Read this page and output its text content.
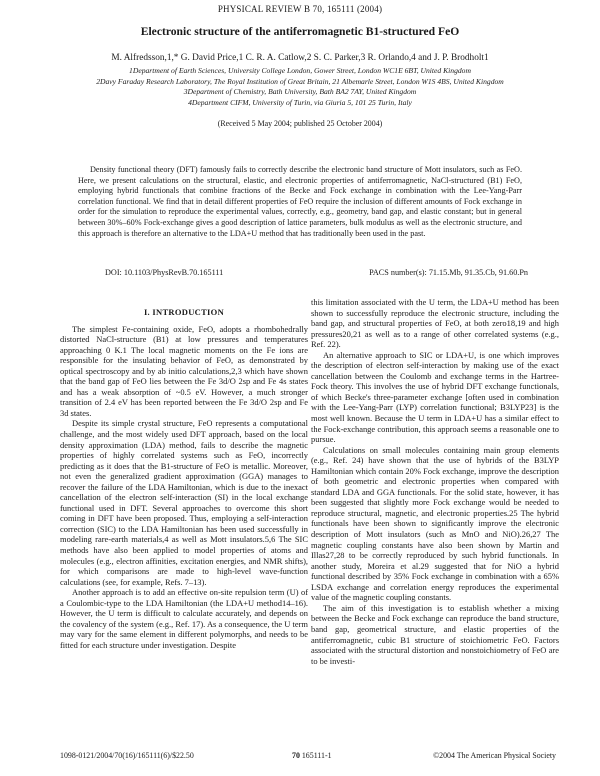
PHYSICAL REVIEW B 70, 165111 (2004)
Electronic structure of the antiferromagnetic B1-structured FeO
M. Alfredsson,1,* G. David Price,1 C. R. A. Catlow,2 S. C. Parker,3 R. Orlando,4 and J. P. Brodholt1
1Department of Earth Sciences, University College London, Gower Street, London WC1E 6BT, United Kingdom
2Davy Faraday Research Laboratory, The Royal Institution of Great Britain, 21 Albemarle Street, London W1S 4BS, United Kingdom
3Department of Chemistry, Bath University, Bath BA2 7AY, United Kingdom
4Department CIFM, University of Turin, via Giuria 5, 101 25 Turin, Italy
(Received 5 May 2004; published 25 October 2004)
Density functional theory (DFT) famously fails to correctly describe the electronic band structure of Mott insulators, such as FeO. Here, we present calculations on the structural, elastic, and electronic properties of antiferromagnetic, NaCl-structured (B1) FeO, employing hybrid functionals that combine fractions of the Becke and Fock exchange in combination with the Lee-Yang-Parr correlation functional. We find that in detail different properties of FeO require the inclusion of different amounts of Fock exchange in order for the simulation to reproduce the experimental values, correctly, e.g., geometry, band gap, and elastic constant; but in general between 30%–60% Fock-exchange gives a good description of lattice parameters, bulk modulus as well as the electronic structure, and this approach is therefore an alternative to the LDA+U method that has traditionally been used in the past.
DOI: 10.1103/PhysRevB.70.165111	PACS number(s): 71.15.Mb, 91.35.Cb, 91.60.Pn
I. INTRODUCTION

The simplest Fe-containing oxide, FeO, adopts a rhombohedrally distorted NaCl-structure (B1) at low pressures and temperatures approaching 0 K.1 The local magnetic moments on the Fe ions are responsible for the insulating behavior of FeO, as demonstrated by optical spectroscopy and by ab initio calculations,2,3 which have shown that the band gap of FeO lies between the Fe 3d/O 2sp and Fe 4s states and has a weak absorption of ~0.5 eV. However, a much stronger transition of 2.4 eV has been reported between the Fe 3d/O 2sp and Fe 3d states.

Despite its simple crystal structure, FeO represents a computational challenge, and the most widely used DFT approach, based on the local density approximation (LDA) method, fails to describe the magnetic properties of highly correlated systems such as FeO, incorrectly predicting as it does that the B1-structure of FeO is metallic. Moreover, not even the generalized gradient approximation (GGA) manages to recover the failure of the LDA Hamiltonian, which is due to the inexact cancellation of the electron self-interaction (SI) in the local exchange functional used in DFT. Several approaches to overcome this short coming in DFT have been proposed. Thus, employing a self-interaction correction (SIC) to the LDA Hamiltonian has been used successfully in modeling rare-earth materials,4 as well as Mott insulators.5,6 The SIC methods have also been applied to model properties of atoms and molecules (e.g., electron affinities, excitation energies, and NMR shifts), for which comparisons are made to high-level wave-function calculations (see, for example, Refs. 7–13).

Another approach is to add an effective on-site repulsion term (U) of a Coulombic-type to the LDA Hamiltonian (the LDA+U method14–16). However, the U term is difficult to calculate accurately, and depends on the covalency of the system (e.g., Ref. 17). As a consequence, the U term may vary for the same element in different polymorphs, and needs to be fitted for each structure under investigation. Despite

this limitation associated with the U term, the LDA+U method has been shown to successfully reproduce the electronic structure, including the band gap, and structural properties of FeO, at both zero18,19 and high pressures20,21 as well as to a range of other correlated systems (e.g., Ref. 22).

An alternative approach to SIC or LDA+U, is one which improves the description of electron self-interaction by making use of the exact cancellation between the Coulomb and exchange terms in the Hartree-Fock theory. This involves the use of hybrid DFT exchange functionals, of which Becke's three-parameter exchange [often used in combination with the Lee-Yang-Parr (LYP) correlation functional; B3LYP23] is the most well known. Because the U term in LDA+U has a similar effect to the Fock-exchange contribution, this approach seems a reasonable one to pursue.

Calculations on small molecules containing main group elements (e.g., Ref. 24) have shown that the use of hybrids of the B3LYP Hamiltonian which contain 20% Fock exchange, improve the description of both geometric and electronic properties when compared with standard LDA and GGA functionals. For the solid state, however, it has been suggested that slightly more Fock exchange would be needed to reproduce structural, magnetic, and electronic properties.25 The hybrid functionals have been shown to significantly improve the electronic description of Mott insulators (such as MnO and NiO).26,27 The magnetic coupling constants have also been shown by Martin and Illas27,28 to be correctly reproduced by such hybrid functionals. In another study, Moreira et al.29 suggested that for NiO a hybrid functional described by 35% Fock exchange in combination with a 65% LSDA exchange and correlation energy reproduces the experimental value of the magnetic coupling constants.

The aim of this investigation is to establish whether a mixing between the Becke and Fock exchange can reproduce the band structure, band gap, geometrical structure, and elastic properties of the antiferromagnetic, cubic B1 structure of stoichiometric FeO. Factors associated with the structural distortion and nonstoichiometry of FeO are to be investi-

1098-0121/2004/70(16)/165111(6)/$22.50	70 165111-1	©2004 The American Physical Society
